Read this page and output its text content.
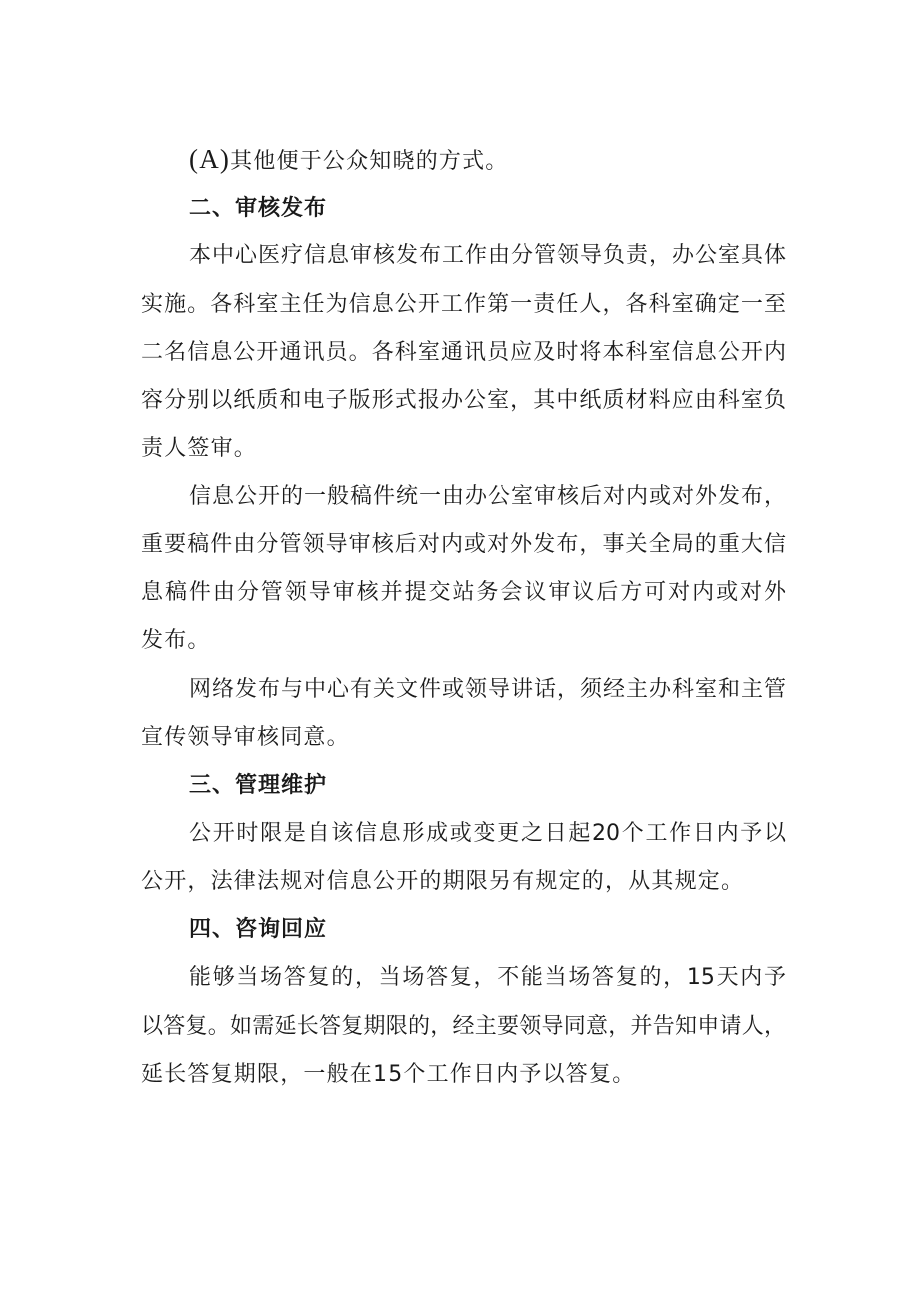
(A)其他便于公众知晓的方式。
二、审核发布
本中心医疗信息审核发布工作由分管领导负责，办公室具体
实施。各科室主任为信息公开工作第一责任人，各科室确定一至
二名信息公开通讯员。各科室通讯员应及时将本科室信息公开内
容分别以纸质和电子版形式报办公室，其中纸质材料应由科室负
责人签审。
信息公开的一般稿件统一由办公室审核后对内或对外发布，
重要稿件由分管领导审核后对内或对外发布，事关全局的重大信
息稿件由分管领导审核并提交站务会议审议后方可对内或对外
发布。
网络发布与中心有关文件或领导讲话，须经主办科室和主管
宣传领导审核同意。
三、管理维护
公开时限是自该信息形成或变更之日起20个工作日内予以
公开，法律法规对信息公开的期限另有规定的，从其规定。
四、咨询回应
能够当场答复的，当场答复，不能当场答复的，15天内予
以答复。如需延长答复期限的，经主要领导同意，并告知申请人，
延长答复期限，一般在15个工作日内予以答复。
